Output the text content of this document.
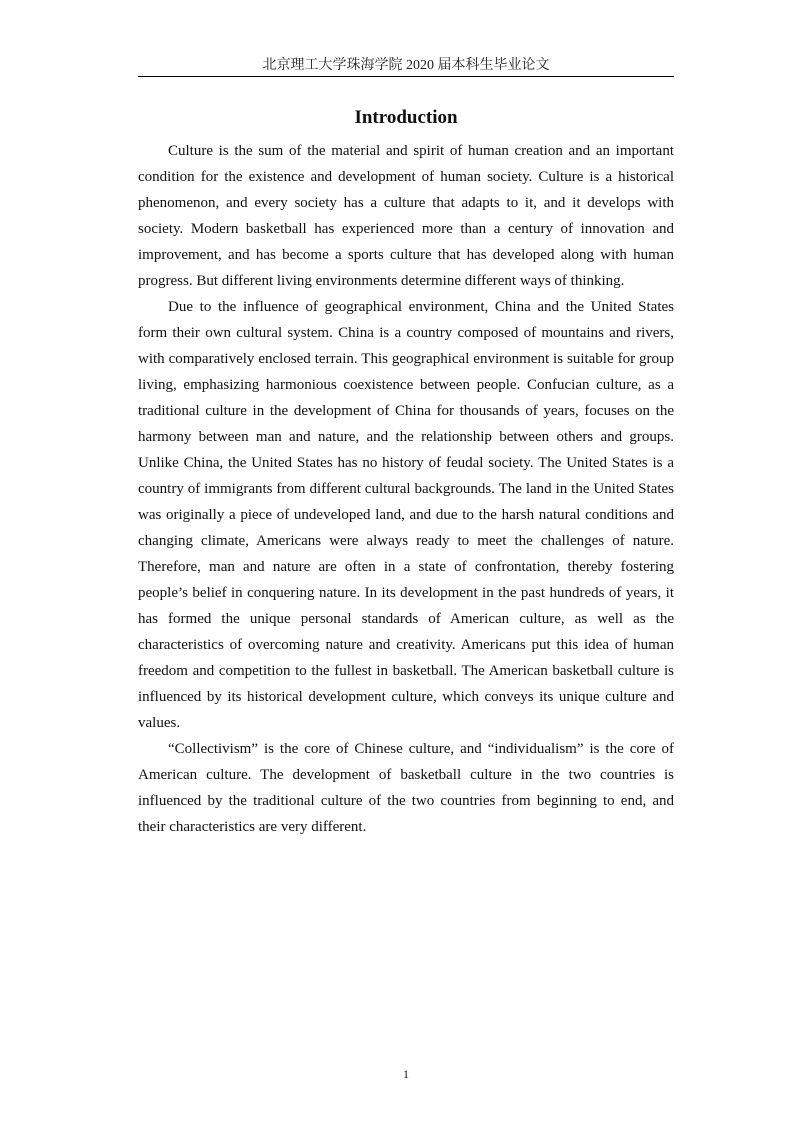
北京理工大学珠海学院 2020 届本科生毕业论文
Introduction

Culture is the sum of the material and spirit of human creation and an important condition for the existence and development of human society. Culture is a historical phenomenon, and every society has a culture that adapts to it, and it develops with society. Modern basketball has experienced more than a century of innovation and improvement, and has become a sports culture that has developed along with human progress. But different living environments determine different ways of thinking.

Due to the influence of geographical environment, China and the United States form their own cultural system. China is a country composed of mountains and rivers, with comparatively enclosed terrain. This geographical environment is suitable for group living, emphasizing harmonious coexistence between people. Confucian culture, as a traditional culture in the development of China for thousands of years, focuses on the harmony between man and nature, and the relationship between others and groups. Unlike China, the United States has no history of feudal society. The United States is a country of immigrants from different cultural backgrounds. The land in the United States was originally a piece of undeveloped land, and due to the harsh natural conditions and changing climate, Americans were always ready to meet the challenges of nature. Therefore, man and nature are often in a state of confrontation, thereby fostering people’s belief in conquering nature. In its development in the past hundreds of years, it has formed the unique personal standards of American culture, as well as the characteristics of overcoming nature and creativity. Americans put this idea of human freedom and competition to the fullest in basketball. The American basketball culture is influenced by its historical development culture, which conveys its unique culture and values.

“Collectivism” is the core of Chinese culture, and “individualism” is the core of American culture. The development of basketball culture in the two countries is influenced by the traditional culture of the two countries from beginning to end, and their characteristics are very different.

1
